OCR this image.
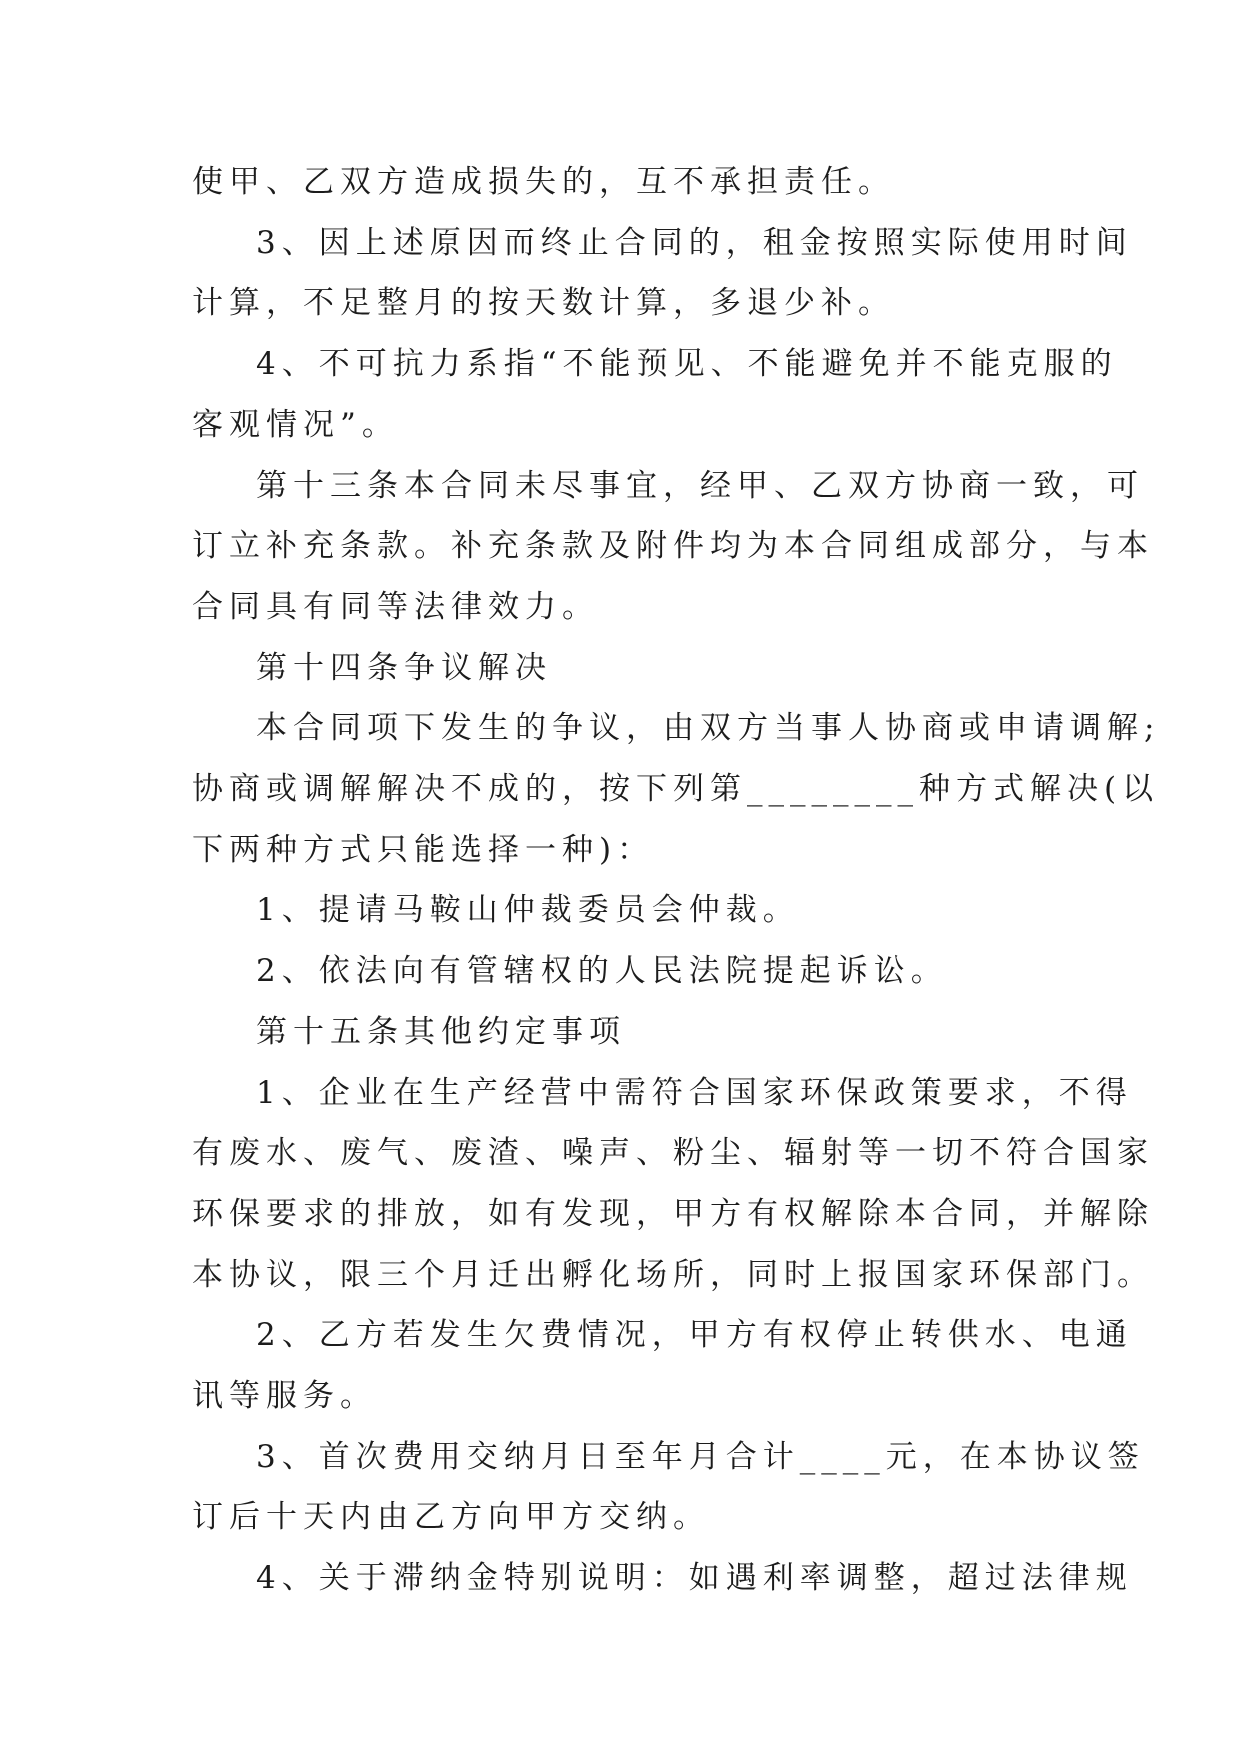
使甲、乙双方造成损失的，互不承担责任。
3、因上述原因而终止合同的，租金按照实际使用时间
计算，不足整月的按天数计算，多退少补。
4、不可抗力系指“不能预见、不能避免并不能克服的
客观情况”。
第十三条本合同未尽事宜，经甲、乙双方协商一致，可
订立补充条款。补充条款及附件均为本合同组成部分，与本
合同具有同等法律效力。
第十四条争议解决
本合同项下发生的争议，由双方当事人协商或申请调解;
协商或调解解决不成的，按下列第________种方式解决(以
下两种方式只能选择一种)：
1、提请马鞍山仲裁委员会仲裁。
2、依法向有管辖权的人民法院提起诉讼。
第十五条其他约定事项
1、企业在生产经营中需符合国家环保政策要求，不得
有废水、废气、废渣、噪声、粉尘、辐射等一切不符合国家
环保要求的排放，如有发现，甲方有权解除本合同，并解除
本协议，限三个月迁出孵化场所，同时上报国家环保部门。
2、乙方若发生欠费情况，甲方有权停止转供水、电通
讯等服务。
3、首次费用交纳月日至年月合计____元，在本协议签
订后十天内由乙方向甲方交纳。
4、关于滞纳金特别说明：如遇利率调整，超过法律规
